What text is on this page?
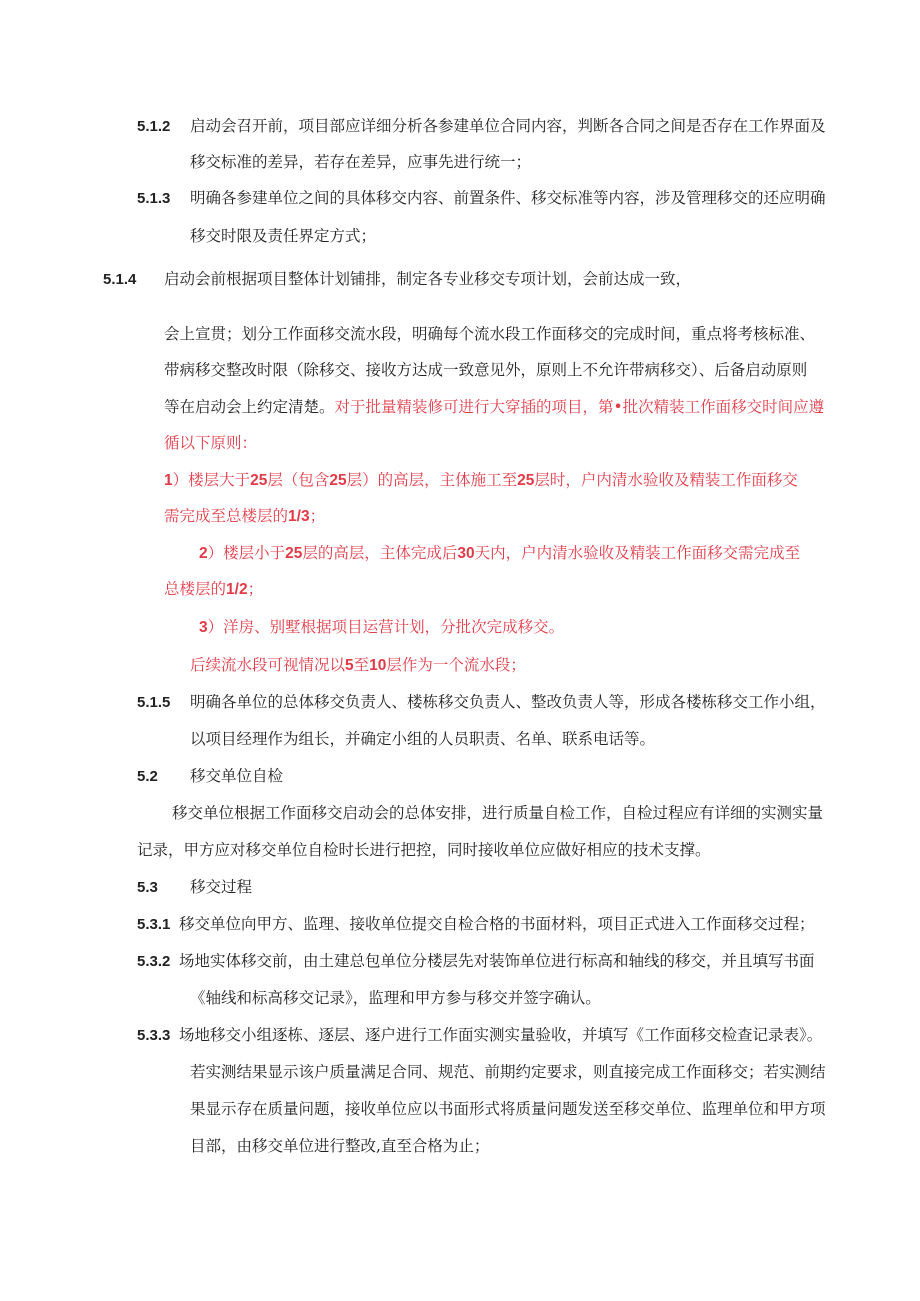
5.1.2 启动会召开前，项目部应详细分析各参建单位合同内容，判断各合同之间是否存在工作界面及
移交标准的差异，若存在差异，应事先进行统一；
5.1.3 明确各参建单位之间的具体移交内容、前置条件、移交标准等内容，涉及管理移交的还应明确
移交时限及责任界定方式；
5.1.4 启动会前根据项目整体计划铺排，制定各专业移交专项计划，会前达成一致，
会上宣贯；划分工作面移交流水段，明确每个流水段工作面移交的完成时间，重点将考核标准、
带病移交整改时限（除移交、接收方达成一致意见外，原则上不允许带病移交）、后备启动原则
等在启动会上约定清楚。对于批量精装修可进行大穿插的项目，第•批次精装工作面移交时间应遵
循以下原则：
1）楼层大于25层（包含25层）的高层，主体施工至25层时，户内清水验收及精装工作面移交
需完成至总楼层的1/3；
2）楼层小于25层的高层，主体完成后30天内，户内清水验收及精装工作面移交需完成至
总楼层的1/2；
3）洋房、别墅根据项目运营计划，分批次完成移交。
后续流水段可视情况以5至10层作为一个流水段；
5.1.5 明确各单位的总体移交负责人、楼栋移交负责人、整改负责人等，形成各楼栋移交工作小组，
以项目经理作为组长，并确定小组的人员职责、名单、联系电话等。
5.2 移交单位自检
移交单位根据工作面移交启动会的总体安排，进行质量自检工作，自检过程应有详细的实测实量
记录，甲方应对移交单位自检时长进行把控，同时接收单位应做好相应的技术支撑。
5.3 移交过程
5.3.1 移交单位向甲方、监理、接收单位提交自检合格的书面材料，项目正式进入工作面移交过程；
5.3.2 场地实体移交前，由土建总包单位分楼层先对装饰单位进行标高和轴线的移交，并且填写书面
《轴线和标高移交记录》，监理和甲方参与移交并签字确认。
5.3.3 场地移交小组逐栋、逐层、逐户进行工作面实测实量验收，并填写《工作面移交检查记录表》。
若实测结果显示该户质量满足合同、规范、前期约定要求，则直接完成工作面移交；若实测结
果显示存在质量问题，接收单位应以书面形式将质量问题发送至移交单位、监理单位和甲方项
目部，由移交单位进行整改,直至合格为止；
